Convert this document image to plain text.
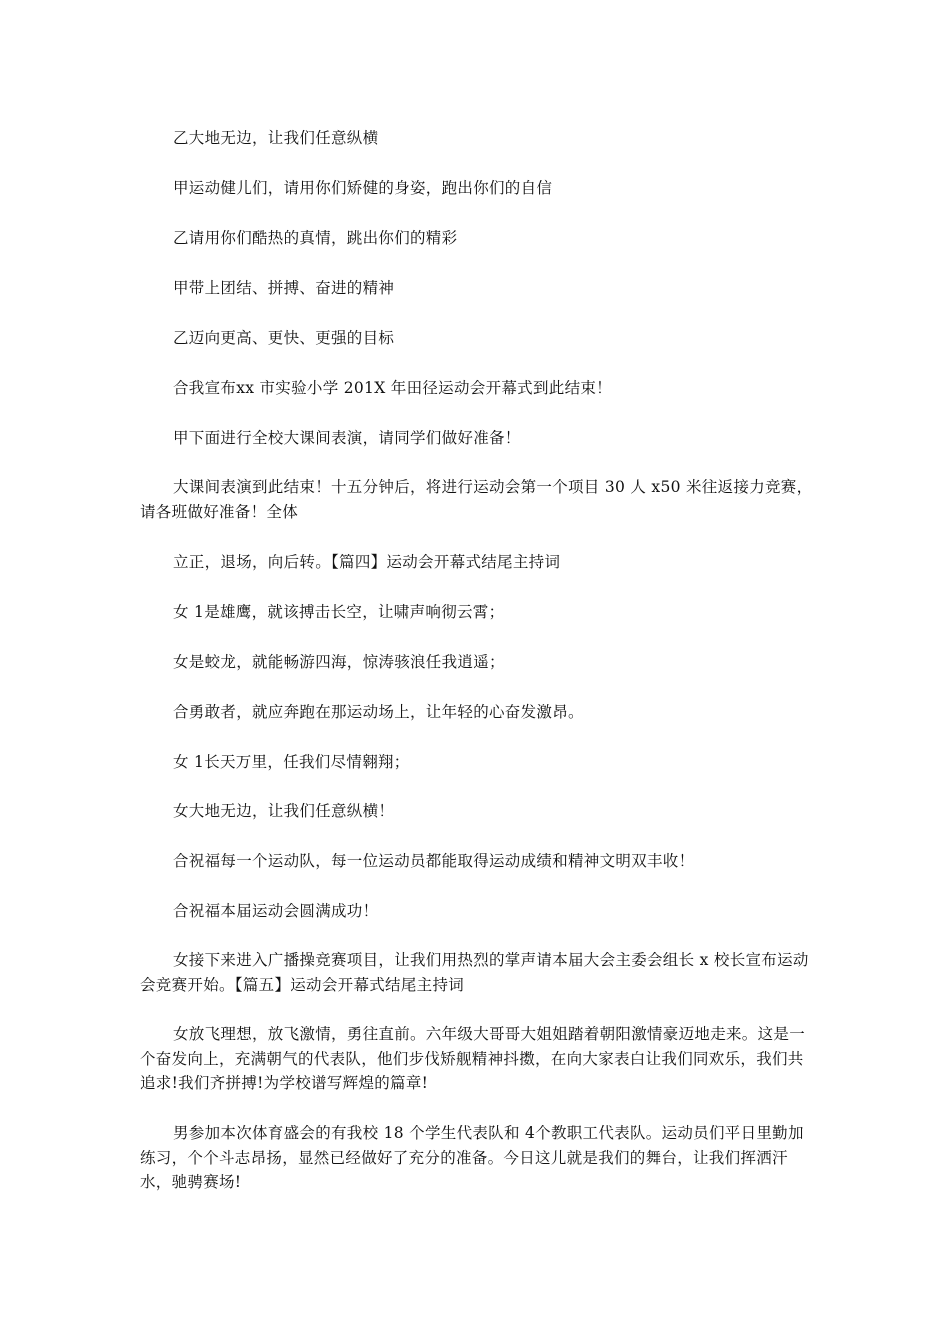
乙大地无边，让我们任意纵横
甲运动健儿们，请用你们矫健的身姿，跑出你们的自信
乙请用你们酷热的真情，跳出你们的精彩
甲带上团结、拼搏、奋进的精神
乙迈向更高、更快、更强的目标
合我宣布xx 市实验小学 201X 年田径运动会开幕式到此结束！
甲下面进行全校大课间表演，请同学们做好准备！
大课间表演到此结束！十五分钟后，将进行运动会第一个项目 30 人 x50 米往返接力竞赛，请各班做好准备！全体
立正，退场，向后转。【篇四】运动会开幕式结尾主持词
女 1是雄鹰，就该搏击长空，让啸声响彻云霄；
女是蛟龙，就能畅游四海，惊涛骇浪任我逍遥；
合勇敢者，就应奔跑在那运动场上，让年轻的心奋发激昂。
女 1长天万里，任我们尽情翱翔；
女大地无边，让我们任意纵横！
合祝福每一个运动队，每一位运动员都能取得运动成绩和精神文明双丰收！
合祝福本届运动会圆满成功！
女接下来进入广播操竞赛项目，让我们用热烈的掌声请本届大会主委会组长 x 校长宣布运动会竞赛开始。【篇五】运动会开幕式结尾主持词
女放飞理想，放飞激情，勇往直前。六年级大哥哥大姐姐踏着朝阳激情豪迈地走来。这是一个奋发向上，充满朝气的代表队，他们步伐矫舰精神抖擞，在向大家表白让我们同欢乐，我们共追求!我们齐拼搏!为学校谱写辉煌的篇章!
男参加本次体育盛会的有我校 18 个学生代表队和 4个教职工代表队。运动员们平日里勤加练习，个个斗志昂扬，显然已经做好了充分的准备。今日这儿就是我们的舞台，让我们挥洒汗水，驰骋赛场!
